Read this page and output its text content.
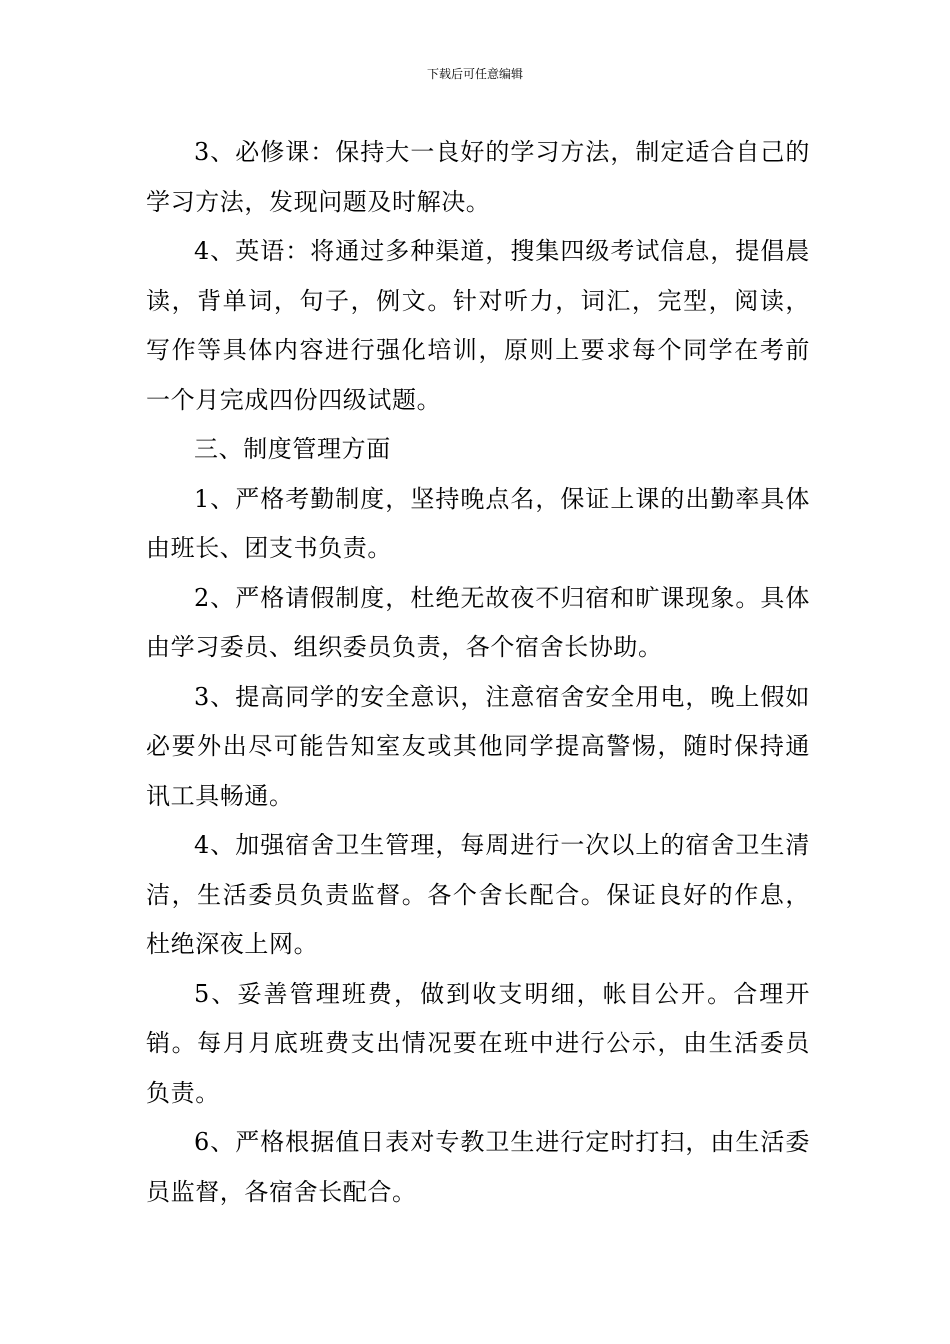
下载后可任意编辑

3、必修课：保持大一良好的学习方法，制定适合自己的学习方法，发现问题及时解决。

4、英语：将通过多种渠道，搜集四级考试信息，提倡晨读，背单词，句子，例文。针对听力，词汇，完型，阅读，写作等具体内容进行强化培训，原则上要求每个同学在考前一个月完成四份四级试题。

三、制度管理方面

1、严格考勤制度，坚持晚点名，保证上课的出勤率具体由班长、团支书负责。

2、严格请假制度，杜绝无故夜不归宿和旷课现象。具体由学习委员、组织委员负责，各个宿舍长协助。

3、提高同学的安全意识，注意宿舍安全用电，晚上假如必要外出尽可能告知室友或其他同学提高警惕，随时保持通讯工具畅通。

4、加强宿舍卫生管理，每周进行一次以上的宿舍卫生清洁，生活委员负责监督。各个舍长配合。保证良好的作息，杜绝深夜上网。

5、妥善管理班费，做到收支明细，帐目公开。合理开销。每月月底班费支出情况要在班中进行公示，由生活委员负责。

6、严格根据值日表对专教卫生进行定时打扫，由生活委员监督，各宿舍长配合。
